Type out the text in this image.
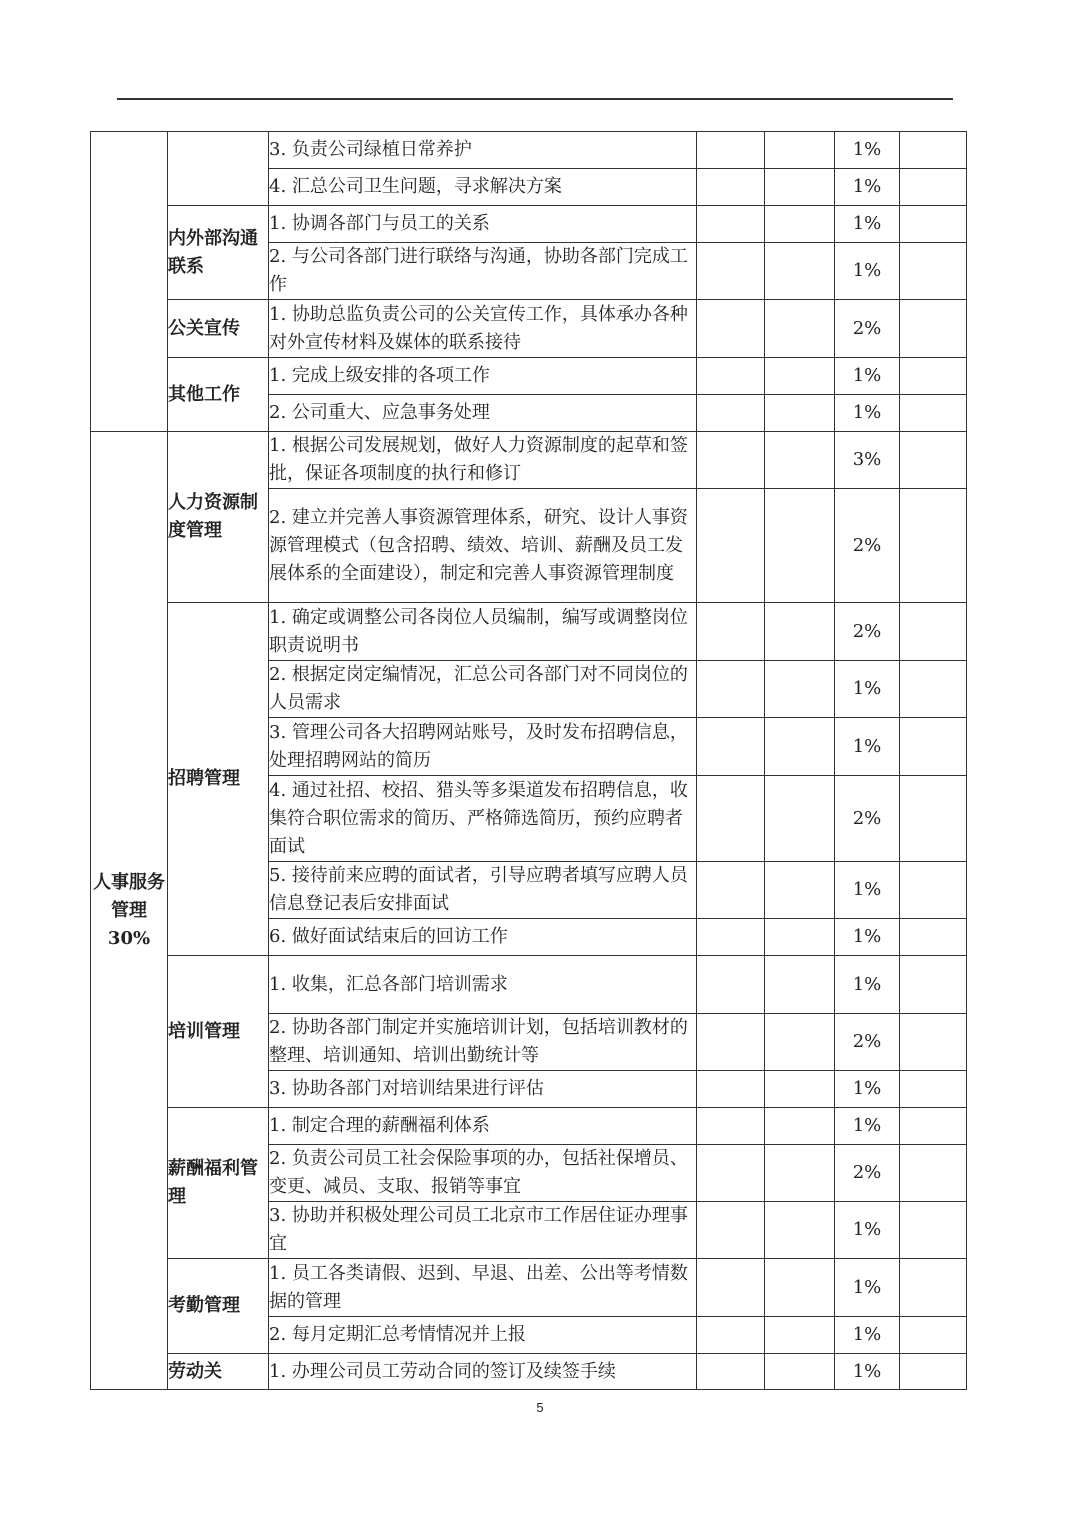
		3. 负责公司绿植日常养护			1%	
		4. 汇总公司卫生问题，寻求解决方案			1%	
	内外部沟通联系	1. 协调各部门与员工的关系			1%	
		2. 与公司各部门进行联络与沟通，协助各部门完成工作			1%	
	公关宣传	1. 协助总监负责公司的公关宣传工作，具体承办各种对外宣传材料及媒体的联系接待			2%	
	其他工作	1. 完成上级安排的各项工作			1%	
		2. 公司重大、应急事务处理			1%	
人事服务管理30%	人力资源制度管理	1. 根据公司发展规划，做好人力资源制度的起草和签批，保证各项制度的执行和修订			3%	
		2. 建立并完善人事资源管理体系，研究、设计人事资源管理模式（包含招聘、绩效、培训、薪酬及员工发展体系的全面建设），制定和完善人事资源管理制度			2%	
	招聘管理	1. 确定或调整公司各岗位人员编制，编写或调整岗位职责说明书			2%	
		2. 根据定岗定编情况，汇总公司各部门对不同岗位的人员需求			1%	
		3. 管理公司各大招聘网站账号，及时发布招聘信息，处理招聘网站的简历			1%	
		4. 通过社招、校招、猎头等多渠道发布招聘信息，收集符合职位需求的简历、严格筛选简历，预约应聘者面试			2%	
		5. 接待前来应聘的面试者，引导应聘者填写应聘人员信息登记表后安排面试			1%	
		6. 做好面试结束后的回访工作			1%	
	培训管理	1. 收集，汇总各部门培训需求			1%	
		2. 协助各部门制定并实施培训计划，包括培训教材的整理、培训通知、培训出勤统计等			2%	
		3. 协助各部门对培训结果进行评估			1%	
	薪酬福利管理	1. 制定合理的薪酬福利体系			1%	
		2. 负责公司员工社会保险事项的办，包括社保增员、变更、减员、支取、报销等事宜			2%	
		3. 协助并积极处理公司员工北京市工作居住证办理事宜			1%	
	考勤管理	1. 员工各类请假、迟到、早退、出差、公出等考情数据的管理			1%	
		2. 每月定期汇总考情情况并上报			1%	
	劳动关	1. 办理公司员工劳动合同的签订及续签手续			1%	
5
